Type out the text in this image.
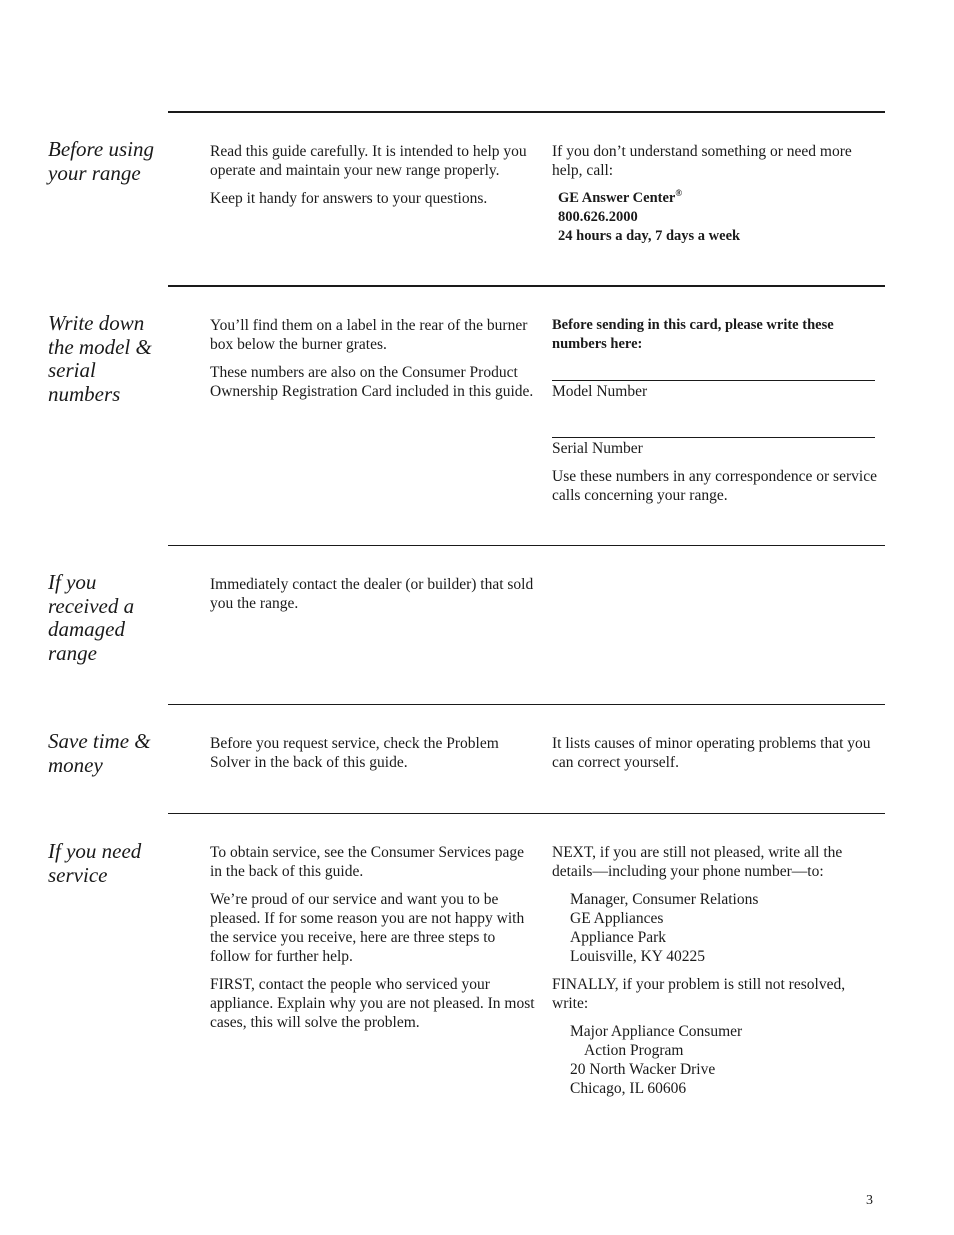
Before using your range

Read this guide carefully. It is intended to help you operate and maintain your new range properly.

Keep it handy for answers to your questions.

If you don’t understand something or need more help, call:

GE Answer Center®
800.626.2000
24 hours a day, 7 days a week
Write down the model & serial numbers

You’ll find them on a label in the rear of the burner box below the burner grates.

These numbers are also on the Consumer Product Ownership Registration Card included in this guide.

Before sending in this card, please write these numbers here:

Model Number
Serial Number

Use these numbers in any correspondence or service calls concerning your range.

If you received a damaged range

Immediately contact the dealer (or builder) that sold you the range.

Save time & money

Before you request service, check the Problem Solver in the back of this guide.

It lists causes of minor operating problems that you can correct yourself.

If you need service

To obtain service, see the Consumer Services page in the back of this guide.

We’re proud of our service and want you to be pleased. If for some reason you are not happy with the service you receive, here are three steps to follow for further help.

FIRST, contact the people who serviced your appliance. Explain why you are not pleased. In most cases, this will solve the problem.

NEXT, if you are still not pleased, write all the details—including your phone number—to:

Manager, Consumer Relations
GE Appliances
Appliance Park
Louisville, KY 40225

FINALLY, if your problem is still not resolved, write:

Major Appliance Consumer
Action Program
20 North Wacker Drive
Chicago, IL 60606
3
